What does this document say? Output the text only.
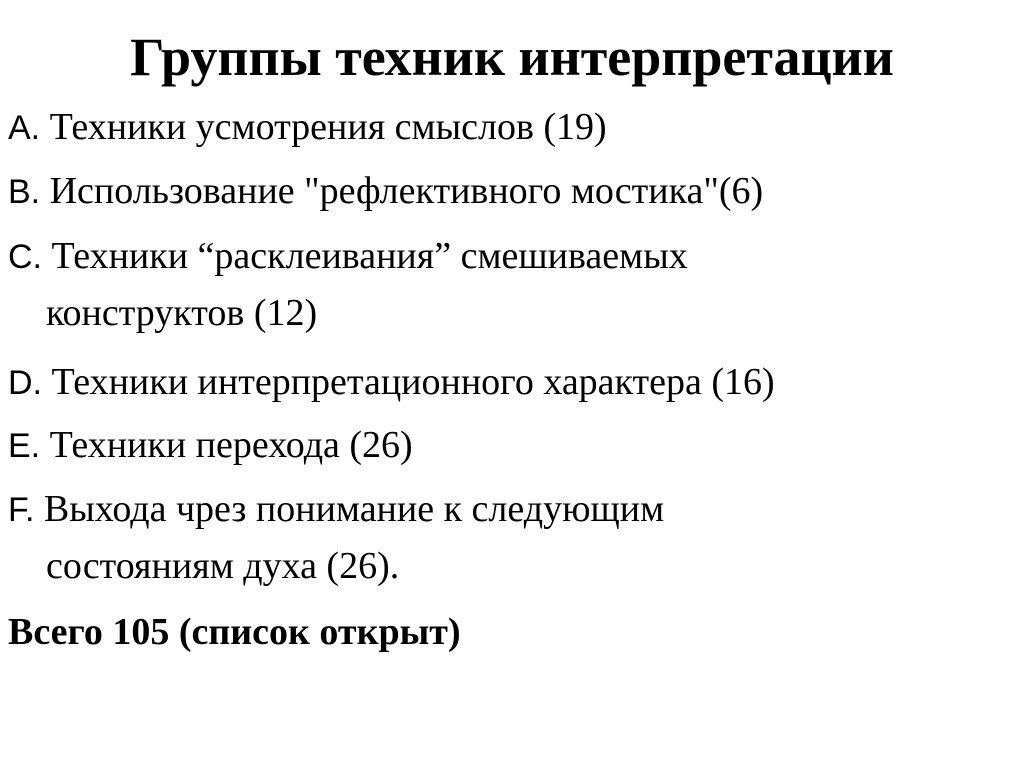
Группы техник интерпретации
A. Техники усмотрения смыслов (19)
B. Использование "рефлективного мостика"(6)
C. Техники “расклеивания” смешиваемых
конструктов (12)
D. Техники интерпретационного характера (16)
E. Техники перехода (26)
F. Выхода чрез понимание к следующим
состояниям духа (26).

Всего 105 (список открыт)
